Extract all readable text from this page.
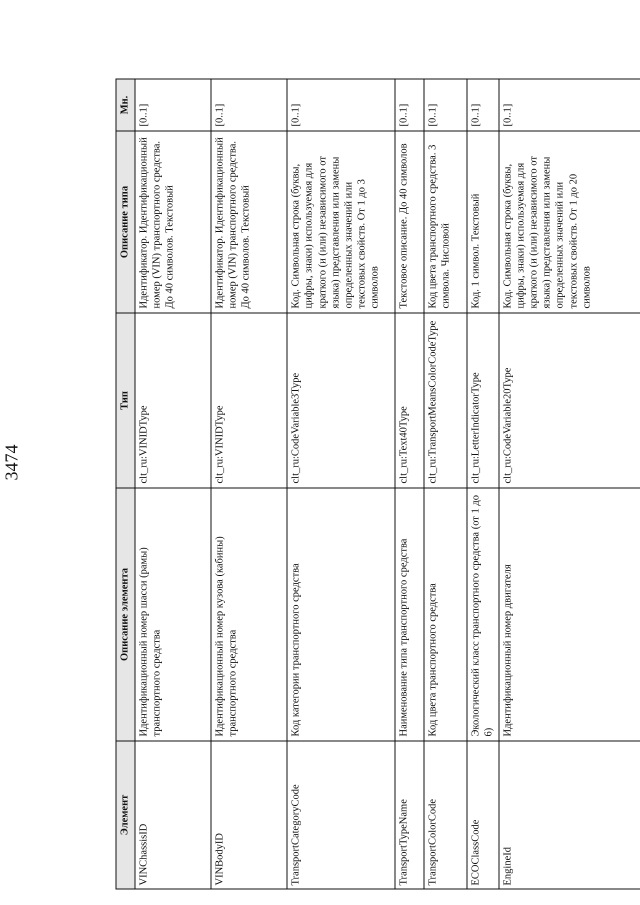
3474
Элемент	Описание элемента	Тип	Описание типа	Мн.
VINChassisID	Идентификационный номер шасси (рамы) транспортного средства	clt_ru:VINIDType	Идентификатор. Идентификационный номер (VIN) транспортного средства. До 40 символов. Текстовый	[0..1]
VINBodyID	Идентификационный номер кузова (кабины) транспортного средства	clt_ru:VINIDType	Идентификатор. Идентификационный номер (VIN) транспортного средства. До 40 символов. Текстовый	[0..1]
TransportCategoryCode	Код категории транспортного средства	clt_ru:CodeVariable3Type	Код. Символьная строка (буквы, цифры, знаки) используемая для краткого (и (или) независимого от языка) представления или замены определенных значений или текстовых свойств. От 1 до 3 символов	[0..1]
TransportTypeName	Наименование типа транспортного средства	clt_ru:Text40Type	Текстовое описание. До 40 символов	[0..1]
TransportColorCode	Код цвета транспортного средства	clt_ru:TransportMeansColorCodeType	Код цвета транспортного средства. 3 символа. Числовой	[0..1]
ECOClassCode	Экологический класс транспортного средства (от 1 до 6)	clt_ru:LetterIndicatorType	Код. 1 символ. Текстовый	[0..1]
EngineId	Идентификационный номер двигателя	clt_ru:CodeVariable20Type	Код. Символьная строка (буквы, цифры, знаки) используемая для краткого (и (или) независимого от языка) представления или замены определенных значений или текстовых свойств. От 1 до 20 символов	[0..1]
